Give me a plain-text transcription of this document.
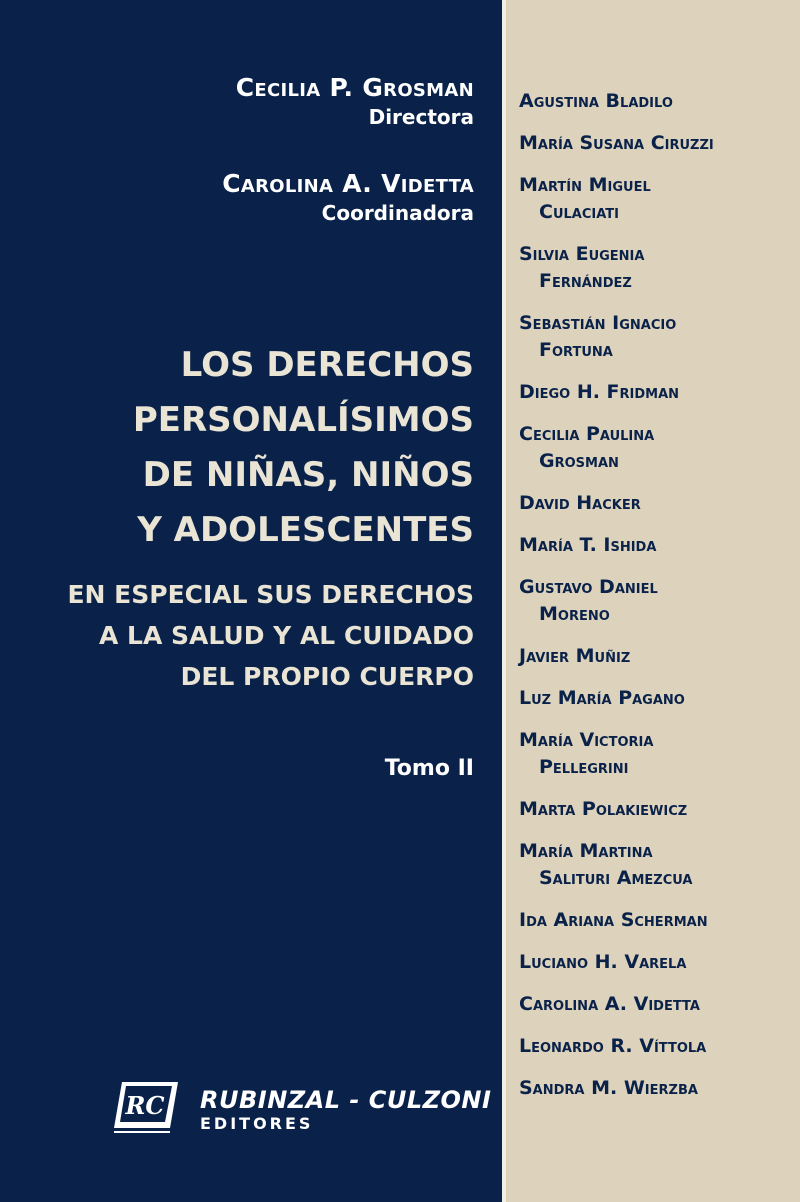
Cecilia P. Grosman
Directora
Carolina A. Videtta
Coordinadora
LOS DERECHOS
PERSONALÍSIMOS
DE NIÑAS, NIÑOS
Y ADOLESCENTES
EN ESPECIAL SUS DERECHOS
A LA SALUD Y AL CUIDADO
DEL PROPIO CUERPO
Tomo II
RC RUBINZAL - CULZONI
EDITORES
Agustina Bladilo
María Susana Ciruzzi
Martín Miguel
Culaciati
Silvia Eugenia
Fernández
Sebastián Ignacio
Fortuna
Diego H. Fridman
Cecilia Paulina
Grosman
David Hacker
María T. Ishida
Gustavo Daniel
Moreno
Javier Muñiz
Luz María Pagano
María Victoria
Pellegrini
Marta Polakiewicz
María Martina
Salituri Amezcua
Ida Ariana Scherman
Luciano H. Varela
Carolina A. Videtta
Leonardo R. Víttola
Sandra M. Wierzba
